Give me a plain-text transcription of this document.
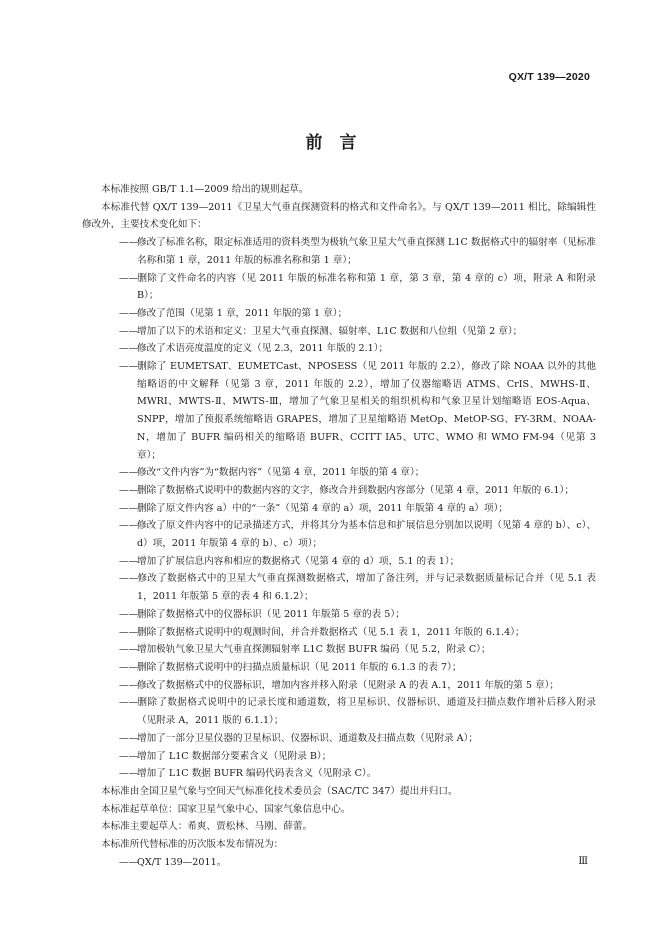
QX/T 139—2020
前　言

本标准按照 GB/T 1.1—2009 给出的规则起草。

本标准代替 QX/T 139—2011《卫星大气垂直探测资料的格式和文件命名》。与 QX/T 139—2011 相比，除编辑性修改外，主要技术变化如下：

——修改了标准名称，限定标准适用的资料类型为极轨气象卫星大气垂直探测 L1C 数据格式中的辐射率（见标准名称和第 1 章，2011 年版的标准名称和第 1 章）；

——删除了文件命名的内容（见 2011 年版的标准名称和第 1 章，第 3 章，第 4 章的 c）项，附录 A 和附录 B）；

——修改了范围（见第 1 章，2011 年版的第 1 章）；

——增加了以下的术语和定义：卫星大气垂直探测、辐射率、L1C 数据和八位组（见第 2 章）；

——修改了术语亮度温度的定义（见 2.3，2011 年版的 2.1）；

——删除了 EUMETSAT、EUMETCast、NPOSESS（见 2011 年版的 2.2），修改了除 NOAA 以外的其他缩略语的中文解释（见第 3 章，2011 年版的 2.2），增加了仪器缩略语 ATMS、CrIS、MWHS-Ⅱ、MWRI、MWTS-Ⅱ、MWTS-Ⅲ，增加了气象卫星相关的组织机构和气象卫星计划缩略语 EOS-Aqua、SNPP，增加了预报系统缩略语 GRAPES，增加了卫星缩略语 MetOp、MetOP-SG、FY-3RM、NOAA-N，增加了 BUFR 编码相关的缩略语 BUFR、CCITT IA5、UTC、WMO 和 WMO FM-94（见第 3 章）；

——修改“文件内容”为“数据内容”（见第 4 章，2011 年版的第 4 章）；

——删除了数据格式说明中的数据内容的文字，修改合并到数据内容部分（见第 4 章，2011 年版的 6.1）；

——删除了原文件内容 a）中的“一条”（见第 4 章的 a）项，2011 年版第 4 章的 a）项）；

——修改了原文件内容中的记录描述方式，并将其分为基本信息和扩展信息分别加以说明（见第 4 章的 b）、c）、d）项，2011 年版第 4 章的 b）、c）项）；

——增加了扩展信息内容和相应的数据格式（见第 4 章的 d）项，5.1 的表 1）；

——修改了数据格式中的卫星大气垂直探测数据格式，增加了备注列，并与记录数据质量标记合并（见 5.1 表 1，2011 年版第 5 章的表 4 和 6.1.2）；

——删除了数据格式中的仪器标识（见 2011 年版第 5 章的表 5）；

——删除了数据格式说明中的观测时间，并合并数据格式（见 5.1 表 1，2011 年版的 6.1.4）；

——增加极轨气象卫星大气垂直探测辐射率 L1C 数据 BUFR 编码（见 5.2，附录 C）；

——删除了数据格式说明中的扫描点质量标识（见 2011 年版的 6.1.3 的表 7）；

——修改了数据格式中的仪器标识，增加内容并移入附录（见附录 A 的表 A.1，2011 年版的第 5 章）；

——删除了数据格式说明中的记录长度和通道数，将卫星标识、仪器标识、通道及扫描点数作增补后移入附录（见附录 A，2011 版的 6.1.1）；

——增加了一部分卫星仪器的卫星标识、仪器标识、通道数及扫描点数（见附录 A）；

——增加了 L1C 数据部分要素含义（见附录 B）；

——增加了 L1C 数据 BUFR 编码代码表含义（见附录 C）。

本标准由全国卫星气象与空间天气标准化技术委员会（SAC/TC 347）提出并归口。

本标准起草单位：国家卫星气象中心、国家气象信息中心。

本标准主要起草人：希爽、贾松林、马刚、薛蕾。

本标准所代替标准的历次版本发布情况为：

——QX/T 139—2011。	Ⅲ
